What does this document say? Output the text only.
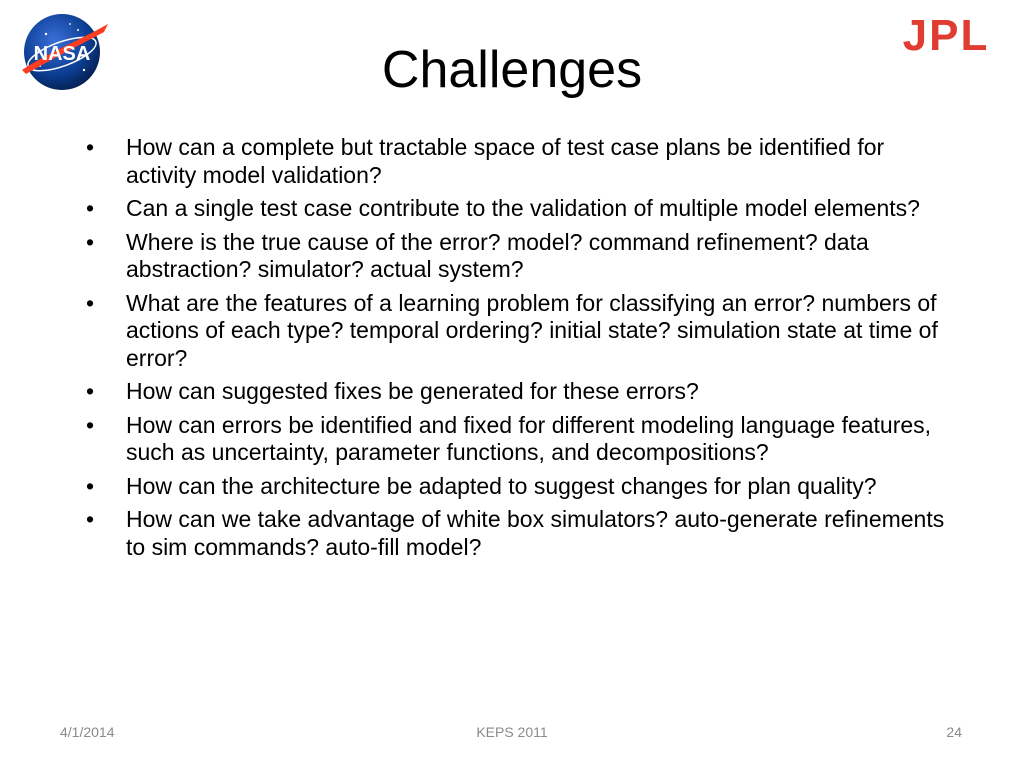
NASA	JPL
Challenges
•	How can a complete but tractable space of test case plans be identified for activity model validation?
•	Can a single test case contribute to the validation of multiple model elements?
•	Where is the true cause of the error? model? command refinement? data abstraction? simulator? actual system?
•	What are the features of a learning problem for classifying an error? numbers of actions of each type? temporal ordering? initial state? simulation state at time of error?
•	How can suggested fixes be generated for these errors?
•	How can errors be identified and fixed for different modeling language features, such as uncertainty, parameter functions, and decompositions?
•	How can the architecture be adapted to suggest changes for plan quality?
•	How can we take advantage of white box simulators? auto-generate refinements to sim commands? auto-fill model?
4/1/2014	KEPS 2011	24
